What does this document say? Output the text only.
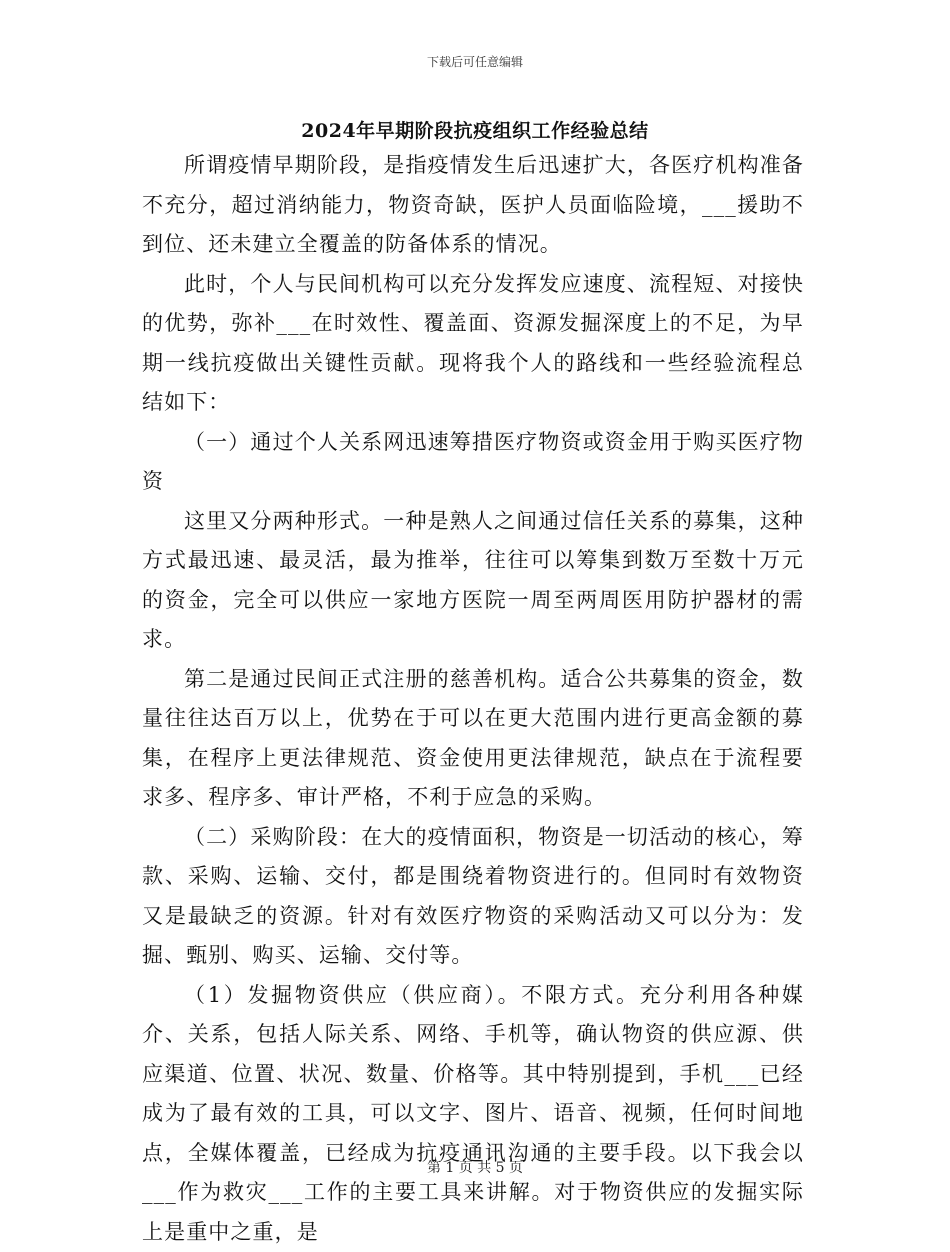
下载后可任意编辑
2024年早期阶段抗疫组织工作经验总结

所谓疫情早期阶段，是指疫情发生后迅速扩大，各医疗机构准备不充分，超过消纳能力，物资奇缺，医护人员面临险境，___援助不到位、还未建立全覆盖的防备体系的情况。

此时，个人与民间机构可以充分发挥发应速度、流程短、对接快的优势，弥补___在时效性、覆盖面、资源发掘深度上的不足，为早期一线抗疫做出关键性贡献。现将我个人的路线和一些经验流程总结如下：

（一）通过个人关系网迅速筹措医疗物资或资金用于购买医疗物资

这里又分两种形式。一种是熟人之间通过信任关系的募集，这种方式最迅速、最灵活，最为推举，往往可以筹集到数万至数十万元的资金，完全可以供应一家地方医院一周至两周医用防护器材的需求。

第二是通过民间正式注册的慈善机构。适合公共募集的资金，数量往往达百万以上，优势在于可以在更大范围内进行更高金额的募集，在程序上更法律规范、资金使用更法律规范，缺点在于流程要求多、程序多、审计严格，不利于应急的采购。

（二）采购阶段：在大的疫情面积，物资是一切活动的核心，筹款、采购、运输、交付，都是围绕着物资进行的。但同时有效物资又是最缺乏的资源。针对有效医疗物资的采购活动又可以分为：发掘、甄别、购买、运输、交付等。

（1）发掘物资供应（供应商）。不限方式。充分利用各种媒介、关系，包括人际关系、网络、手机等，确认物资的供应源、供应渠道、位置、状况、数量、价格等。其中特别提到，手机___已经成为了最有效的工具，可以文字、图片、语音、视频，任何时间地点，全媒体覆盖，已经成为抗疫通讯沟通的主要手段。以下我会以___作为救灾___工作的主要工具来讲解。对于物资供应的发掘实际上是重中之重，是

第 1 页 共 5 页
